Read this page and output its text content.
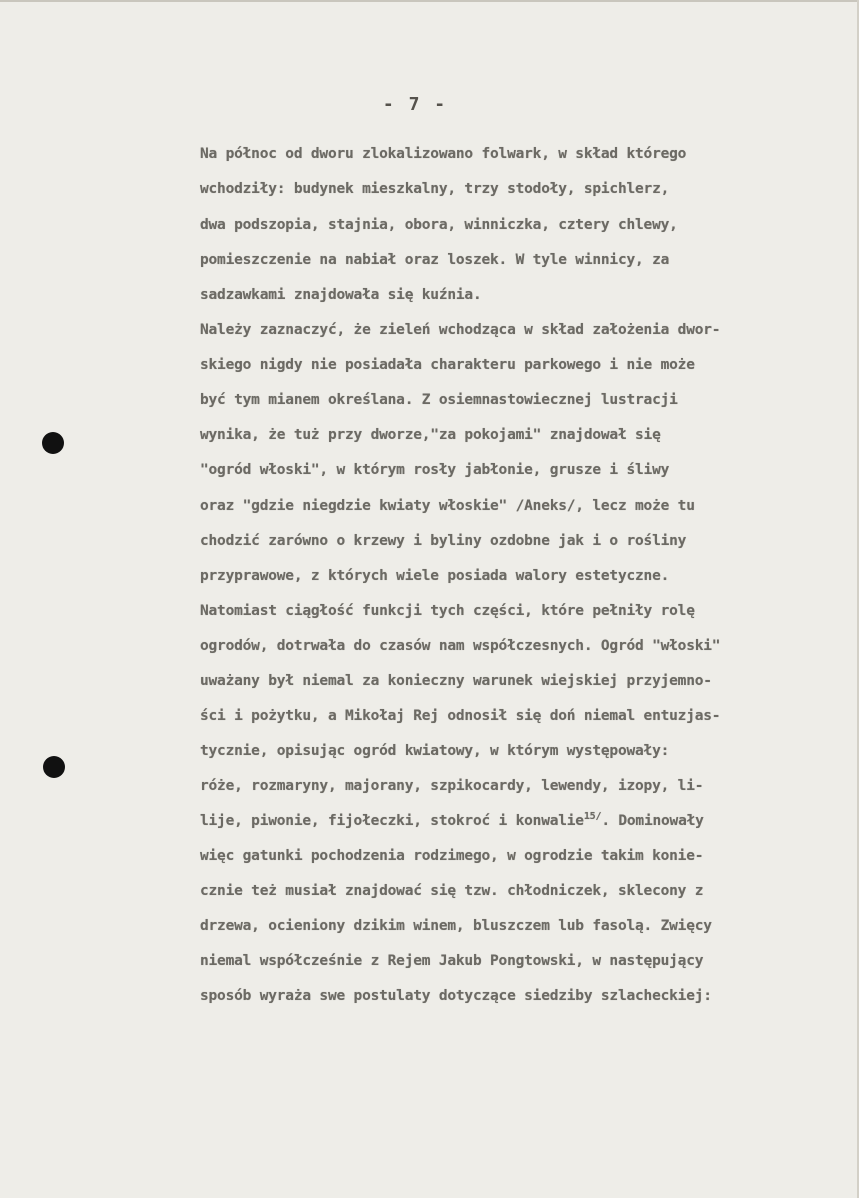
- 7 -
Na północ od dworu zlokalizowano folwark, w skład którego
wchodziły: budynek mieszkalny, trzy stodoły, spichlerz,
dwa podszopia, stajnia, obora, winniczka, cztery chlewy,
pomieszczenie na nabiał oraz loszek. W tyle winnicy, za
sadzawkami znajdowała się kuźnia.
Należy zaznaczyć, że zieleń wchodząca w skład założenia dwor-
skiego nigdy nie posiadała charakteru parkowego i nie może
być tym mianem określana. Z osiemnastowiecznej lustracji
wynika, że tuż przy dworze,"za pokojami" znajdował się
"ogród włoski", w którym rosły jabłonie, grusze i śliwy
oraz "gdzie niegdzie kwiaty włoskie" /Aneks/, lecz może tu
chodzić zarówno o krzewy i byliny ozdobne jak i o rośliny
przyprawowe, z których wiele posiada walory estetyczne.
Natomiast ciągłość funkcji tych części, które pełniły rolę
ogrodów, dotrwała do czasów nam współczesnych. Ogród "włoski"
uważany był niemal za konieczny warunek wiejskiej przyjemno-
ści i pożytku, a Mikołaj Rej odnosił się doń niemal entuzjas-
tycznie, opisując ogród kwiatowy, w którym występowały:
róże, rozmaryny, majorany, szpikocardy, lewendy, izopy, li-
lije, piwonie, fijołeczki, stokroć i konwalie$^{15/}$. Dominowały
więc gatunki pochodzenia rodzimego, w ogrodzie takim konie-
cznie też musiał znajdować się tzw. chłodniczek, sklecony z
drzewa, ocieniony dzikim winem, bluszczem lub fasolą. Zwięcy
niemal współcześnie z Rejem Jakub Pongtowski, w następujący
sposób wyraża swe postulaty dotyczące siedziby szlacheckiej:
